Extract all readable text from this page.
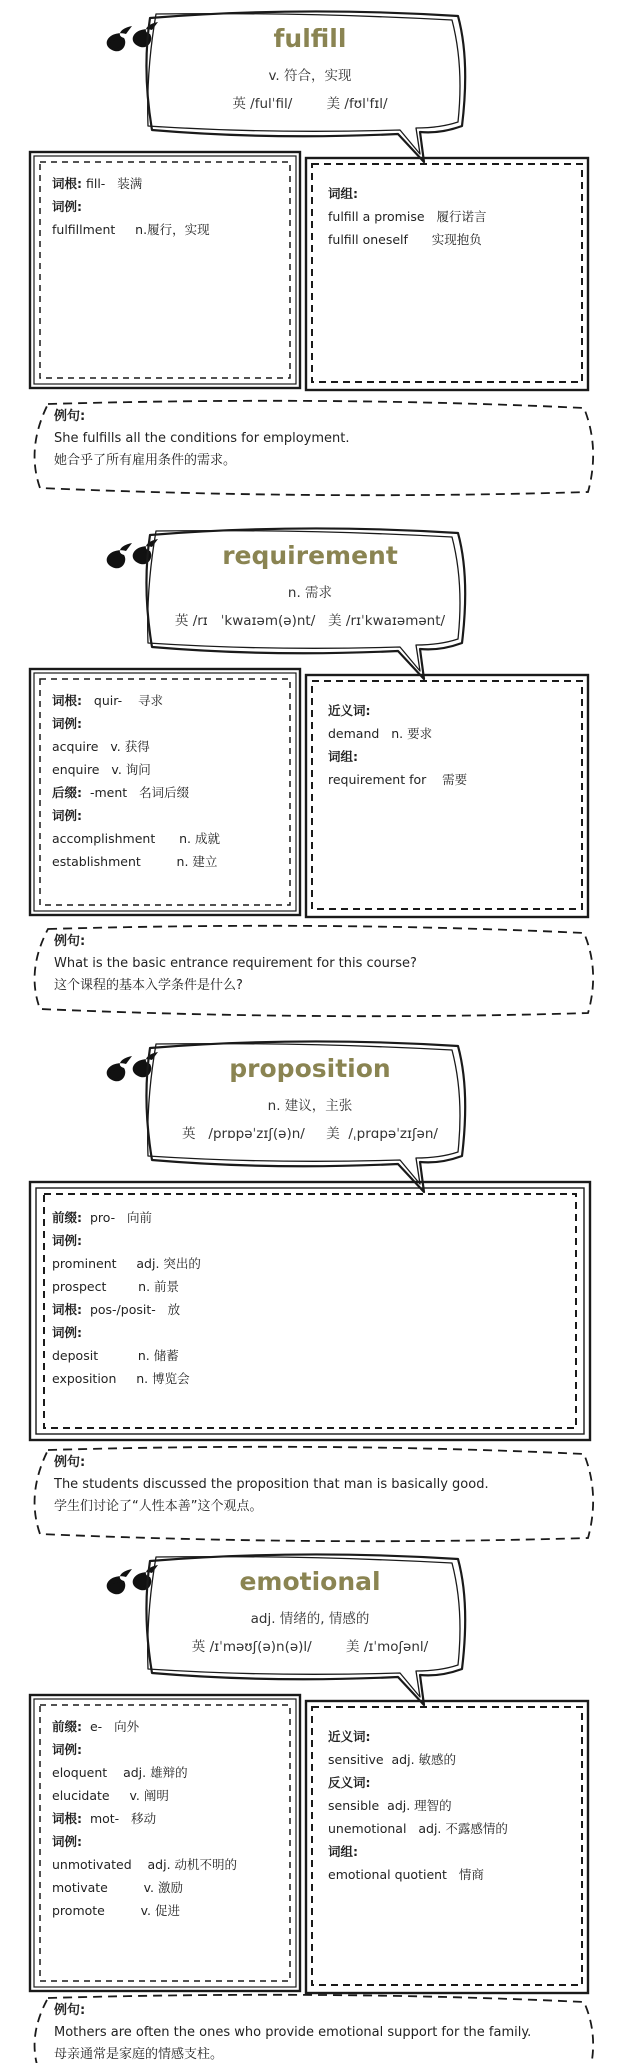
fulfill
v. 符合，实现
英 /fulˈfil/        美 /fʊlˈfɪl/
词根: fill-   装满
词例:
fulfillment     n.履行，实现
词组:
fulfill a promise   履行诺言
fulfill oneself      实现抱负
例句:
She fulfills all the conditions for employment.
她合乎了所有雇用条件的需求。
requirement
n. 需求
英 /rɪ   ˈkwaɪəm(ə)nt/   美 /rɪˈkwaɪəmənt/
词根:   quir-    寻求
词例:
acquire   v. 获得
enquire   v. 询问
后缀:  -ment   名词后缀
词例:
accomplishment      n. 成就
establishment         n. 建立
近义词:
demand   n. 要求
词组:
requirement for    需要
例句:
What is the basic entrance requirement for this course?
这个课程的基本入学条件是什么?
proposition
n. 建议，主张
英   /prɒpəˈzɪʃ(ə)n/     美  /ˌprɑpəˈzɪʃən/
前缀:  pro-   向前
词例:
prominent     adj. 突出的
prospect        n. 前景
词根:  pos-/posit-   放
词例:
deposit          n. 储蓄
exposition     n. 博览会
例句:
The students discussed the proposition that man is basically good.
学生们讨论了“人性本善”这个观点。
emotional
adj. 情绪的, 情感的
英 /ɪˈməʊʃ(ə)n(ə)l/        美 /ɪˈmoʃənl/
前缀:  e-   向外
词例:
eloquent    adj. 雄辩的
elucidate     v. 阐明
词根:  mot-   移动
词例:
unmotivated    adj. 动机不明的
motivate         v. 激励
promote         v. 促进
近义词:
sensitive  adj. 敏感的
反义词:
sensible  adj. 理智的
unemotional   adj. 不露感情的
词组:
emotional quotient   情商
例句:
Mothers are often the ones who provide emotional support for the family.
母亲通常是家庭的情感支柱。
